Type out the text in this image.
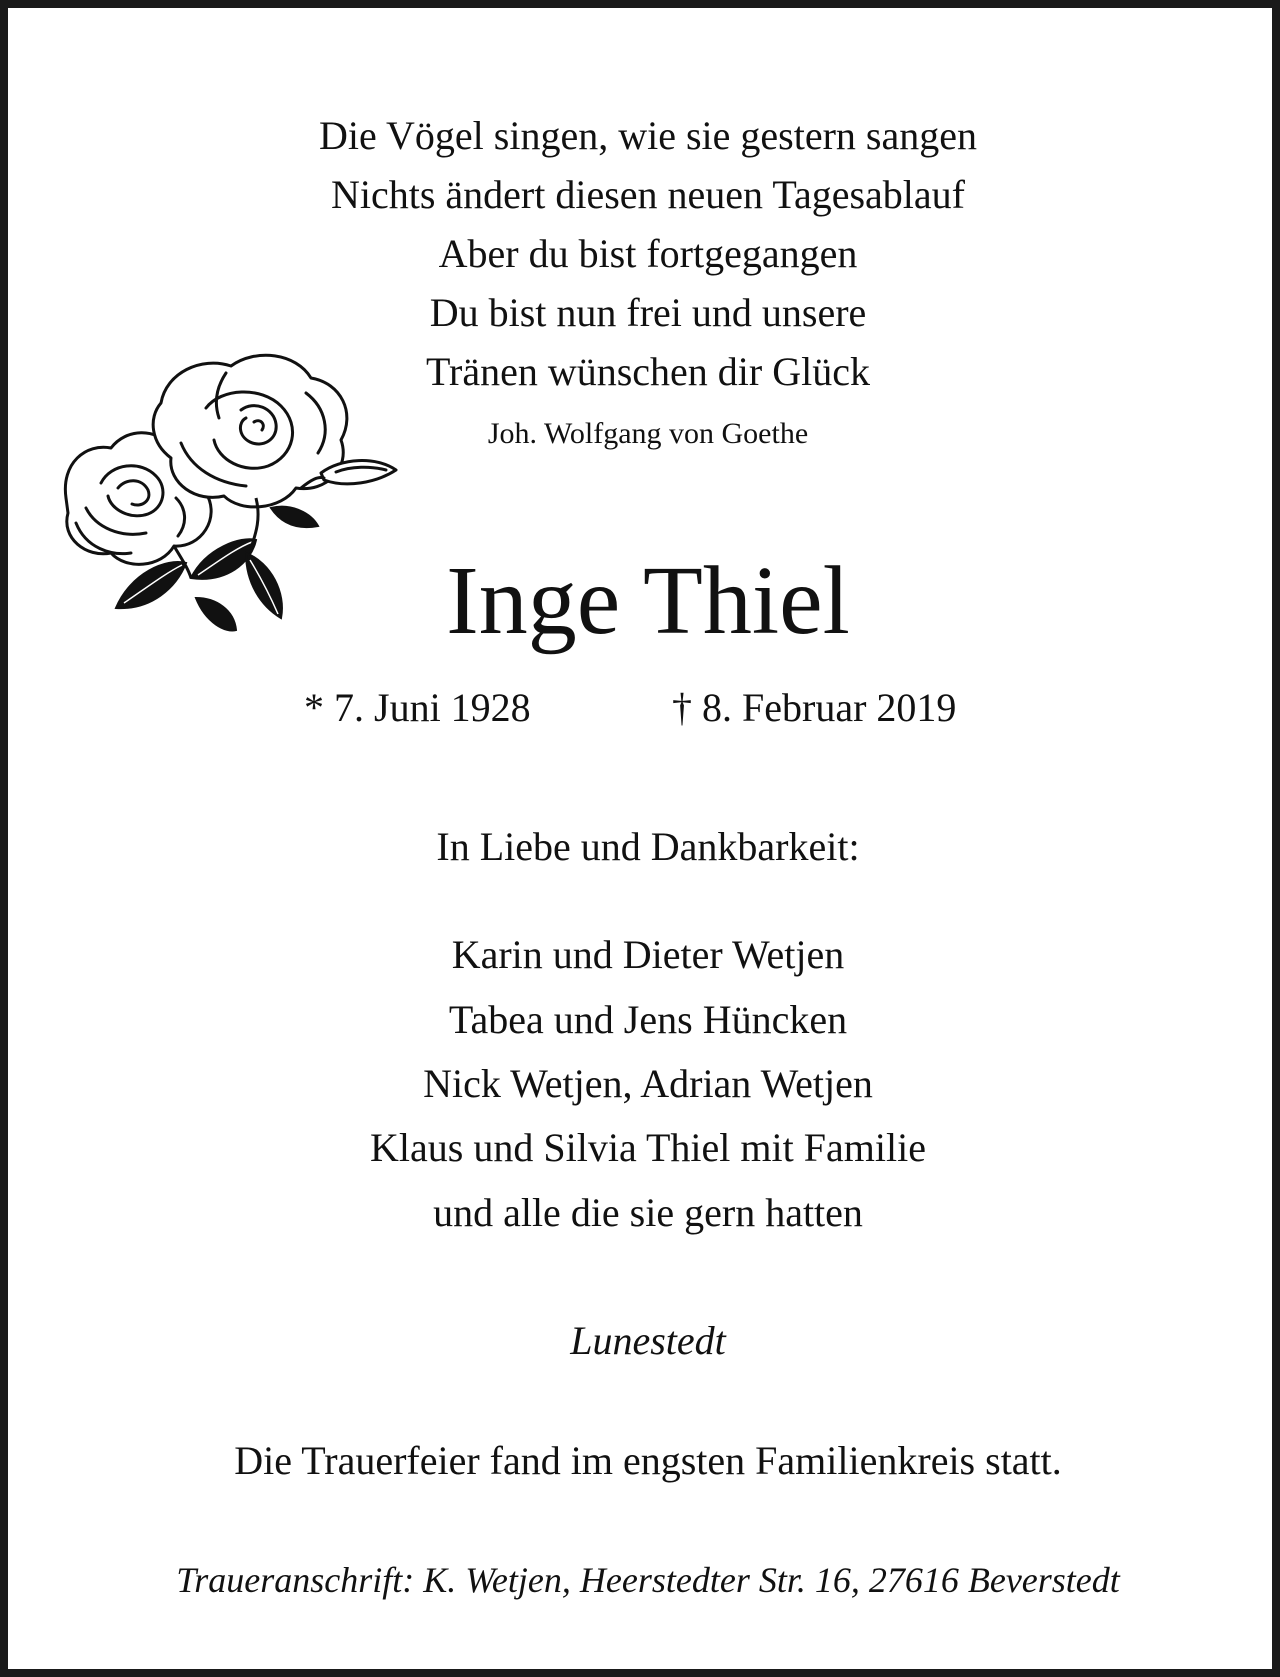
Die Vögel singen, wie sie gestern sangen
Nichts ändert diesen neuen Tagesablauf
Aber du bist fortgegangen
Du bist nun frei und unsere
Tränen wünschen dir Glück
Joh. Wolfgang von Goethe
Inge Thiel
* 7. Juni 1928	† 8. Februar 2019
In Liebe und Dankbarkeit:
Karin und Dieter Wetjen
Tabea und Jens Hüncken
Nick Wetjen, Adrian Wetjen
Klaus und Silvia Thiel mit Familie
und alle die sie gern hatten
Lunestedt
Die Trauerfeier fand im engsten Familienkreis statt.
Traueranschrift: K. Wetjen, Heerstedter Str. 16, 27616 Beverstedt
